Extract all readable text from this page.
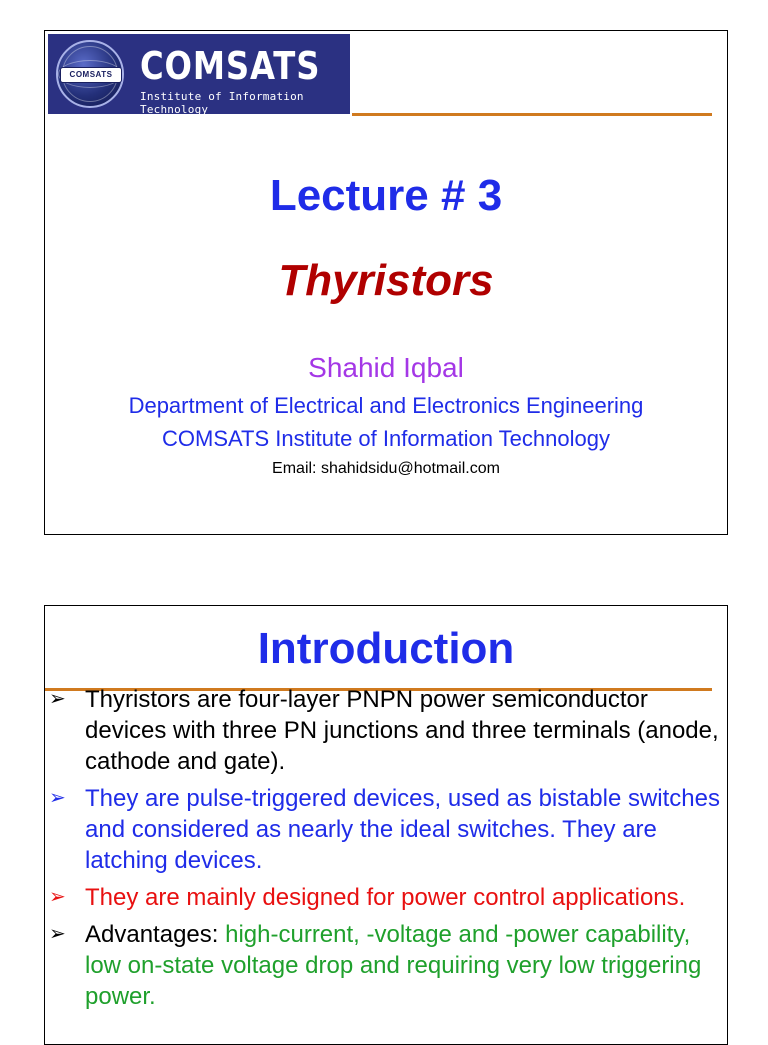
COMSATS COMSATS
Institute of Information Technology
Lecture # 3
Thyristors
Shahid Iqbal
Department of Electrical and Electronics Engineering
COMSATS Institute of Information Technology
Email: shahidsidu@hotmail.com
Introduction
➢ Thyristors are four-layer PNPN power semiconductor devices with three PN junctions and three terminals (anode, cathode and gate).
➢ They are pulse-triggered devices, used as bistable switches and considered as nearly the ideal switches. They are latching devices.
➢ They are mainly designed for power control applications.
➢ Advantages: high-current, -voltage and -power capability, low on-state voltage drop and requiring very low triggering power.
